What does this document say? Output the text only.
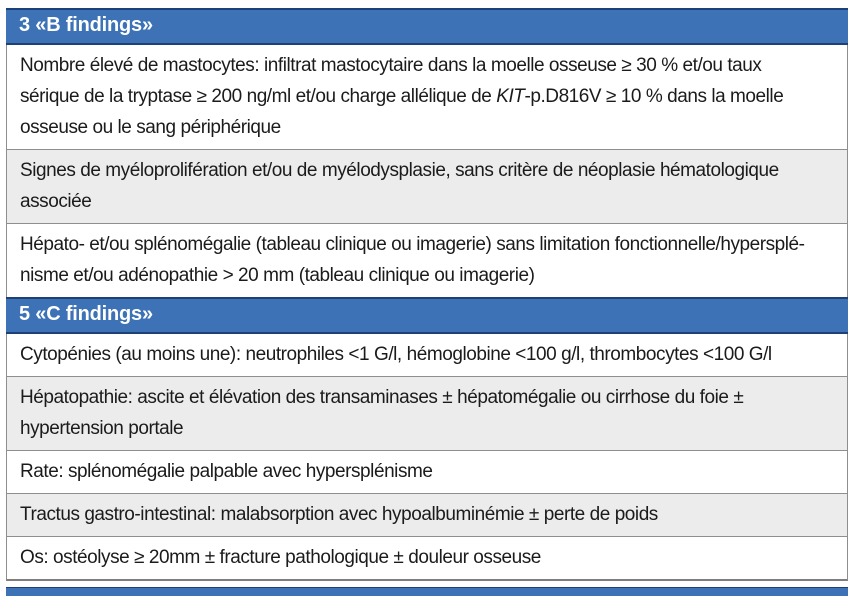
3 «B findings»
Nombre élevé de mastocytes: infiltrat mastocytaire dans la moelle osseuse ≥ 30 % et/ou taux
sérique de la tryptase ≥ 200 ng/ml et/ou charge allélique de KIT-p.D816V ≥ 10 % dans la moelle
osseuse ou le sang périphérique
Signes de myéloprolifération et/ou de myélodysplasie, sans critère de néoplasie hématologique
associée
Hépato- et/ou splénomégalie (tableau clinique ou imagerie) sans limitation fonctionnelle/hypersplé-
nisme et/ou adénopathie > 20 mm (tableau clinique ou imagerie)
5 «C findings»
Cytopénies (au moins une): neutrophiles <1 G/l, hémoglobine <100 g/l, thrombocytes <100 G/l
Hépatopathie: ascite et élévation des transaminases ± hépatomégalie ou cirrhose du foie ±
hypertension portale
Rate: splénomégalie palpable avec hypersplénisme
Tractus gastro-intestinal: malabsorption avec hypoalbuminémie ± perte de poids
Os: ostéolyse ≥ 20mm ± fracture pathologique ± douleur osseuse
